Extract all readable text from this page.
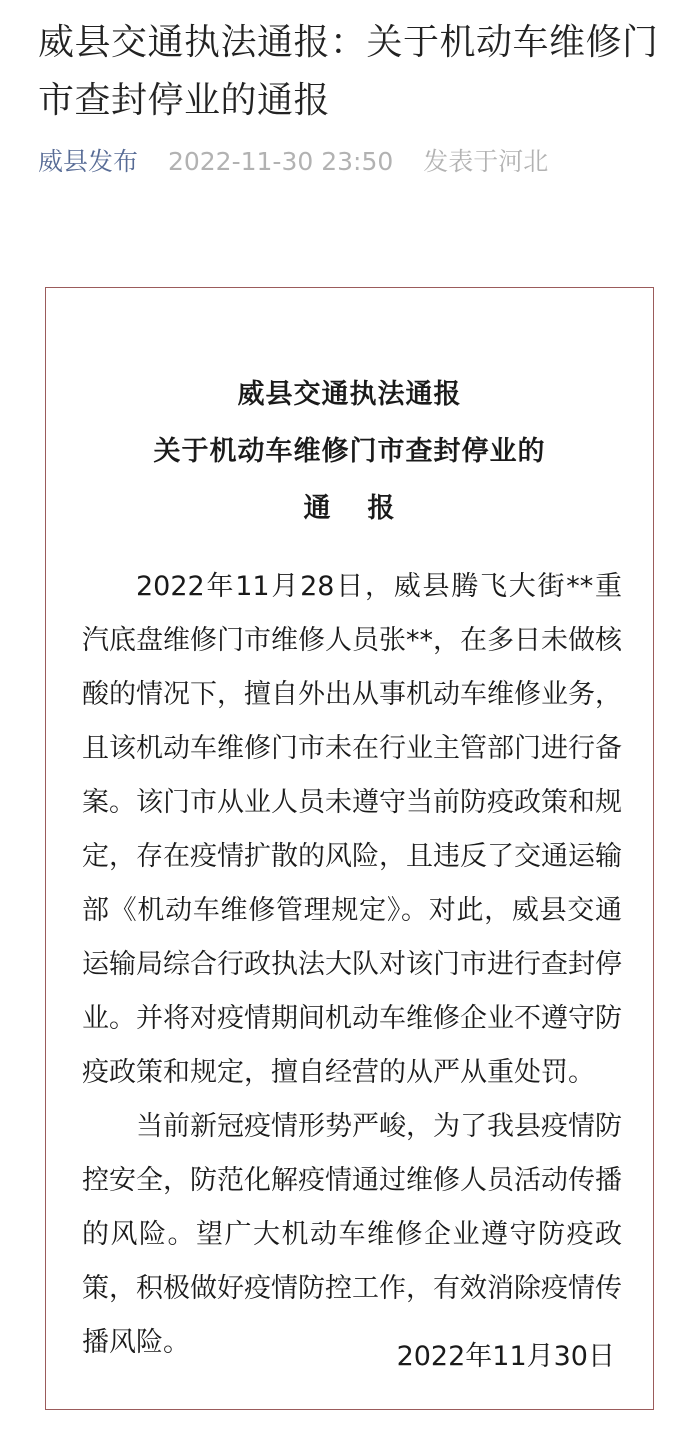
威县交通执法通报：关于机动车维修门市查封停业的通报
威县发布 2022-11-30 23:50 发表于河北
威县交通执法通报
关于机动车维修门市查封停业的
通 报

2022年11月28日，威县腾飞大街**重汽底盘维修门市维修人员张**，在多日未做核酸的情况下，擅自外出从事机动车维修业务，且该机动车维修门市未在行业主管部门进行备案。该门市从业人员未遵守当前防疫政策和规定，存在疫情扩散的风险，且违反了交通运输部《机动车维修管理规定》。对此，威县交通运输局综合行政执法大队对该门市进行查封停业。并将对疫情期间机动车维修企业不遵守防疫政策和规定，擅自经营的从严从重处罚。

当前新冠疫情形势严峻，为了我县疫情防控安全，防范化解疫情通过维修人员活动传播的风险。望广大机动车维修企业遵守防疫政策，积极做好疫情防控工作，有效消除疫情传播风险。	2022年11月30日
